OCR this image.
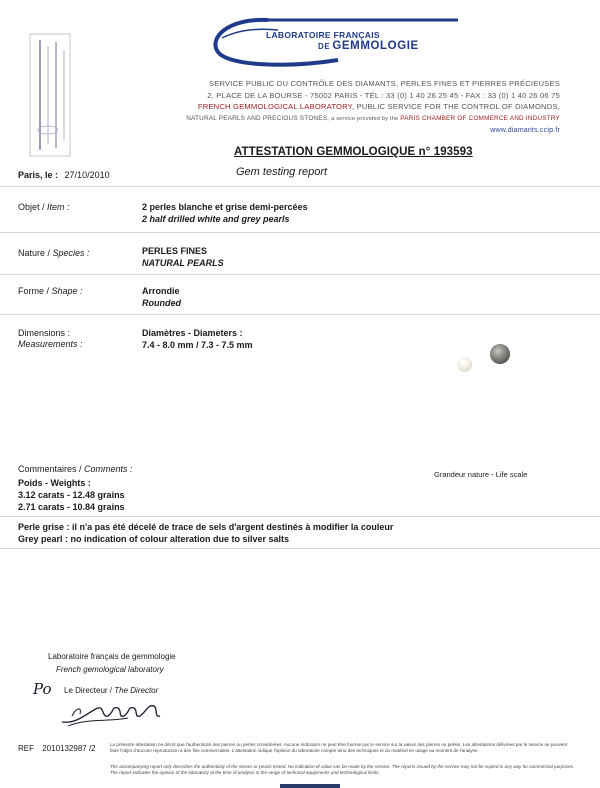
LABORATOIRE FRANÇAIS
DE GEMMOLOGIE
SERVICE PUBLIC DU CONTRÔLE DES DIAMANTS, PERLES FINES ET PIERRES PRÉCIEUSES
2, PLACE DE LA BOURSE - 75002 PARIS - TÉL : 33 (0) 1 40 26 25 45 - FAX : 33 (0) 1 40 26 06 75
FRENCH GEMMOLOGICAL LABORATORY, PUBLIC SERVICE FOR THE CONTROL OF DIAMONDS,
NATURAL PEARLS AND PRECIOUS STONES, a service provided by the PARIS CHAMBER OF COMMERCE AND INDUSTRY
www.diamants.ccip.fr
ATTESTATION GEMMOLOGIQUE n° 193593
Gem testing report
Paris, le : 27/10/2010
Objet / Item :	2 perles blanche et grise demi-percées
2 half drilled white and grey pearls
Nature / Species :	PERLES FINES
NATURAL PEARLS
Forme / Shape :	Arrondie
Rounded
Dimensions :
Measurements :
Diamètres - Diameters :
7.4 - 8.0 mm / 7.3 - 7.5 mm
Grandeur nature - Life scale
Commentaires / Comments :
Poids - Weights :
3.12 carats - 12.48 grains
2.71 carats - 10.84 grains
Perle grise : il n'a pas été décelé de trace de sels d'argent destinés à modifier la couleur
Grey pearl : no indication of colour alteration due to silver salts
Laboratoire français de gemmologie
French gemological laboratory
Po Le Directeur / The Director
REF 2010132987 /2	La présente attestation ne décrit que l'authenticité des pierres ou perles considérées. Aucune indication ne peut être fournie par le service sur la valeur des pierres ou perles. Les attestations délivrées par le service ne peuvent faire l'objet d'aucune reproduction à des fins commerciales. L'attestation indique l'opinion du laboratoire compte tenu des techniques et du matériel en usage au moment de l'analyse.
The accompanying report only describes the authenticity of the stones or pearls tested. No indication of value can be made by the service. The reports issued by the service may not be copied in any way for commercial purposes. The report indicates the opinion of the laboratory at the time of analysis in the range of technical equipments and technological limits.
